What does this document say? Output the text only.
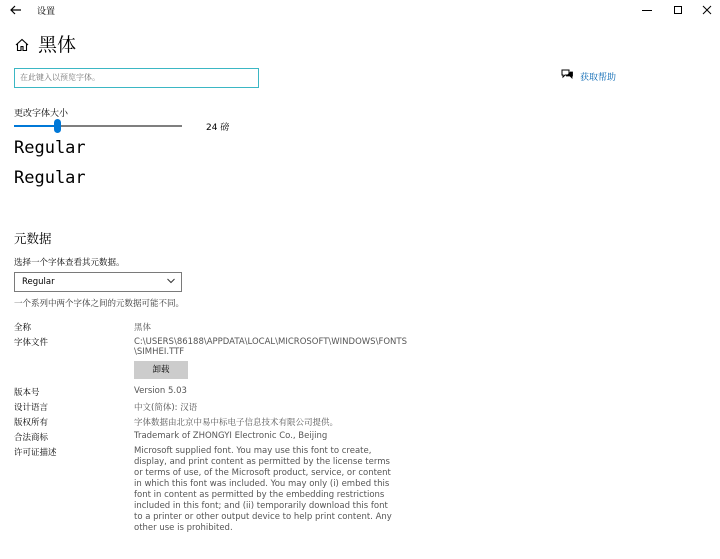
设置
黑体
在此键入以预览字体。
获取帮助
更改字体大小
24 磅
Regular
Regular
元数据
选择一个字体查看其元数据。
Regular
一个系列中两个字体之间的元数据可能不同。
全称	黑体
字体文件	C:\USERS\86188\APPDATA\LOCAL\MICROSOFT\WINDOWS\FONTS
\SIMHEI.TTF
卸载
版本号	Version 5.03
设计语言	中文(简体): 汉语
版权所有	字体数据由北京中易中标电子信息技术有限公司提供。
合法商标	Trademark of ZHONGYI Electronic Co., Beijing
许可证描述	Microsoft supplied font. You may use this font to create, display, and print content as permitted by the license terms or terms of use, of the Microsoft product, service, or content in which this font was included. You may only (i) embed this font in content as permitted by the embedding restrictions included in this font; and (ii) temporarily download this font to a printer or other output device to help print content. Any other use is prohibited.
